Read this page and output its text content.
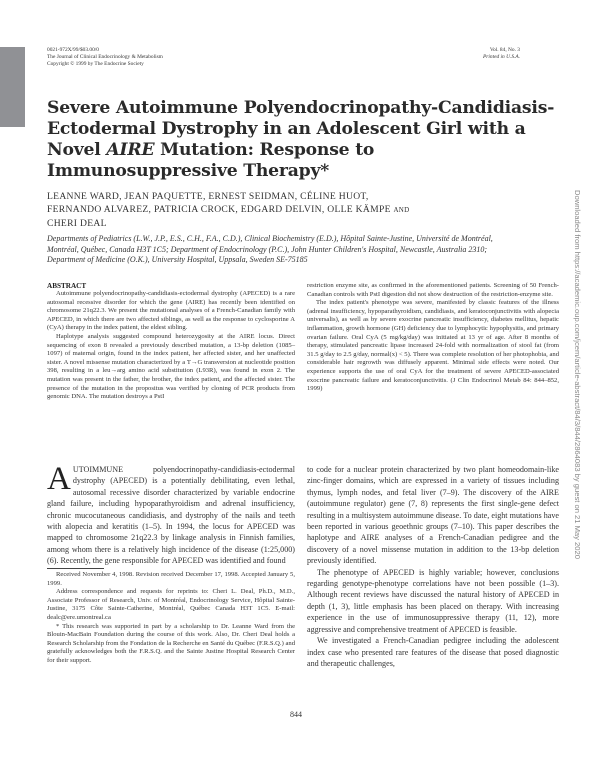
0021-972X/99/$03.00/0
The Journal of Clinical Endocrinology & Metabolism
Copyright © 1999 by The Endocrine Society
Vol. 84, No. 3
Printed in U.S.A.
Severe Autoimmune Polyendocrinopathy-Candidiasis-Ectodermal Dystrophy in an Adolescent Girl with a Novel AIRE Mutation: Response to Immunosuppressive Therapy*
LEANNE WARD, JEAN PAQUETTE, ERNEST SEIDMAN, CÉLINE HUOT,
FERNANDO ALVAREZ, PATRICIA CROCK, EDGARD DELVIN, OLLE KÄMPE AND
CHERI DEAL
Departments of Pediatrics (L.W., J.P., E.S., C.H., F.A., C.D.), Clinical Biochemistry (E.D.), Hôpital Sainte-Justine, Université de Montréal, Montréal, Québec, Canada H3T 1C5; Department of Endocrinology (P.C.), John Hunter Children's Hospital, Newcastle, Australia 2310; Department of Medicine (O.K.), University Hospital, Uppsala, Sweden SE-75185
ABSTRACT

Autoimmune polyendocrinopathy-candidiasis-ectodermal dystrophy (APECED) is a rare autosomal recessive disorder for which the gene (AIRE) has recently been identified on chromosome 21q22.3. We present the mutational analyses of a French-Canadian family with APECED, in which there are two affected siblings, as well as the response to cyclosporine A (CyA) therapy in the index patient, the eldest sibling.

Haplotype analysis suggested compound heterozygosity at the AIRE locus. Direct sequencing of exon 8 revealed a previously described mutation, a 13-bp deletion (1085–1097) of maternal origin, found in the index patient, her affected sister, and her unaffected sister. A novel missense mutation characterized by a T→G transversion at nucleotide position 398, resulting in a leu→arg amino acid substitution (L93R), was found in exon 2. The mutation was present in the father, the brother, the index patient, and the affected sister. The presence of the mutation in the propositus was verified by cloning of PCR products from genomic DNA. The mutation destroys a PstI

restriction enzyme site, as confirmed in the aforementioned patients. Screening of 50 French-Canadian controls with PstI digestion did not show destruction of the restriction-enzyme site.

The index patient's phenotype was severe, manifested by classic features of the illness (adrenal insufficiency, hypoparathyroidism, candidiasis, and keratoconjunctivitis with alopecia universalis), as well as by severe exocrine pancreatic insufficiency, diabetes mellitus, hepatic inflammation, growth hormone (GH) deficiency due to lymphocytic hypophysitis, and primary ovarian failure. Oral CyA (5 mg/kg/day) was initiated at 13 yr of age. After 8 months of therapy, stimulated pancreatic lipase increased 24-fold with normalization of stool fat (from 31.5 g/day to 2.5 g/day, normal(x) < 5). There was complete resolution of her photophobia, and considerable hair regrowth was diffusely apparent. Minimal side effects were noted. Our experience supports the use of oral CyA for the treatment of severe APECED-associated exocrine pancreatic failure and keratoconjunctivitis. (J Clin Endocrinol Metab 84: 844–852, 1999)

AUTOIMMUNE polyendocrinopathy-candidiasis-ectodermal dystrophy (APECED) is a potentially debilitating, even lethal, autosomal recessive disorder characterized by variable endocrine gland failure, including hypoparathyroidism and adrenal insufficiency, chronic mucocutaneous candidiasis, and dystrophy of the nails and teeth with alopecia and keratitis (1–5). In 1994, the locus for APECED was mapped to chromosome 21q22.3 by linkage analysis in Finnish families, among whom there is a relatively high incidence of the disease (1:25,000) (6). Recently, the gene responsible for APECED was identified and found

Received November 4, 1998. Revision received December 17, 1998. Accepted January 5, 1999.

Address correspondence and requests for reprints to: Cheri L. Deal, Ph.D., M.D., Associate Professor of Research, Univ. of Montréal, Endocrinology Service, Hôpital Sainte-Justine, 3175 Côte Sainte-Catherine, Montréal, Québec Canada H3T 1C5. E-mail: dealc@ere.umontreal.ca

* This research was supported in part by a scholarship to Dr. Leanne Ward from the Blouin-MacBain Foundation during the course of this work. Also, Dr. Cheri Deal holds a Research Scholarship from the Fondation de la Recherche en Santé du Québec (F.R.S.Q.) and gratefully acknowledges both the F.R.S.Q. and the Sainte Justine Hospital Research Center for their support.

to code for a nuclear protein characterized by two plant homeodomain-like zinc-finger domains, which are expressed in a variety of tissues including thymus, lymph nodes, and fetal liver (7–9). The discovery of the AIRE (autoimmune regulator) gene (7, 8) represents the first single-gene defect resulting in a multisystem autoimmune disease. To date, eight mutations have been reported in various geoethnic groups (7–10). This paper describes the haplotype and AIRE analyses of a French-Canadian pedigree and the discovery of a novel missense mutation in addition to the 13-bp deletion previously identified.

The phenotype of APECED is highly variable; however, conclusions regarding genotype-phenotype correlations have not been possible (1–3). Although recent reviews have discussed the natural history of APECED in depth (1, 3), little emphasis has been placed on therapy. With increasing experience in the use of immunosuppressive therapy (11, 12), more aggressive and comprehensive treatment of APECED is feasible.

We investigated a French-Canadian pedigree including the adolescent index case who presented rare features of the disease that posed diagnostic and therapeutic challenges,

844
Downloaded from https://academic.oup.com/jcem/article-abstract/84/3/844/2864083 by guest on 21 May 2020
